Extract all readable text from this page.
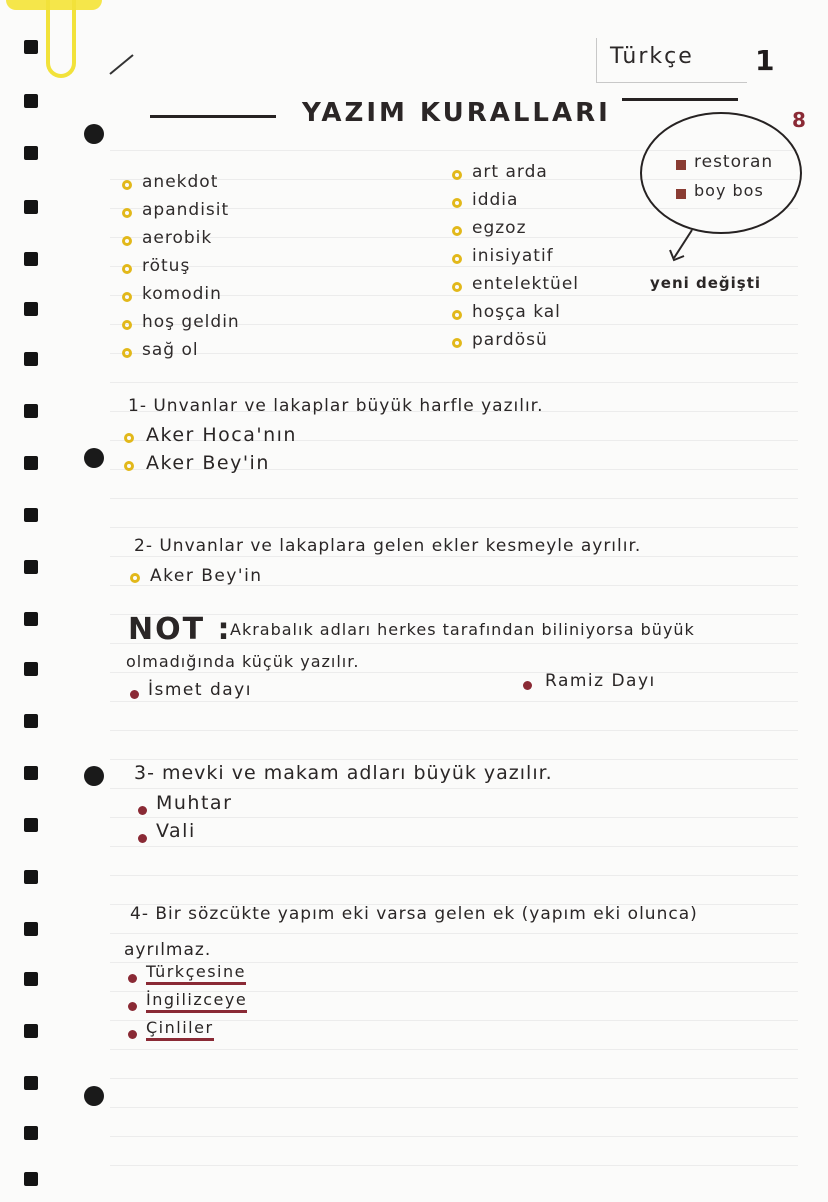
Türkçe 1
8
YAZIM KURALLARI
anekdot
apandisit
aerobik
rötuş
komodin
hoş geldin
sağ ol
art arda
iddia
egzoz
inisiyatif
entelektüel
hoşça kal
pardösü
restoran
boy bos
yeni değişti
1- Unvanlar ve lakaplar büyük harfle yazılır.
Aker Hoca'nın
Aker Bey'in
2- Unvanlar ve lakaplara gelen ekler kesmeyle ayrılır.
Aker Bey'in
NOT :
Akrabalık adları herkes tarafından biliniyorsa büyük
olmadığında küçük yazılır.
İsmet dayı	Ramiz Dayı
3- mevki ve makam adları büyük yazılır.
Muhtar
Vali
4- Bir sözcükte yapım eki varsa gelen ek (yapım eki olunca)
ayrılmaz.
Türkçesine
İngilizceye
Çinliler
